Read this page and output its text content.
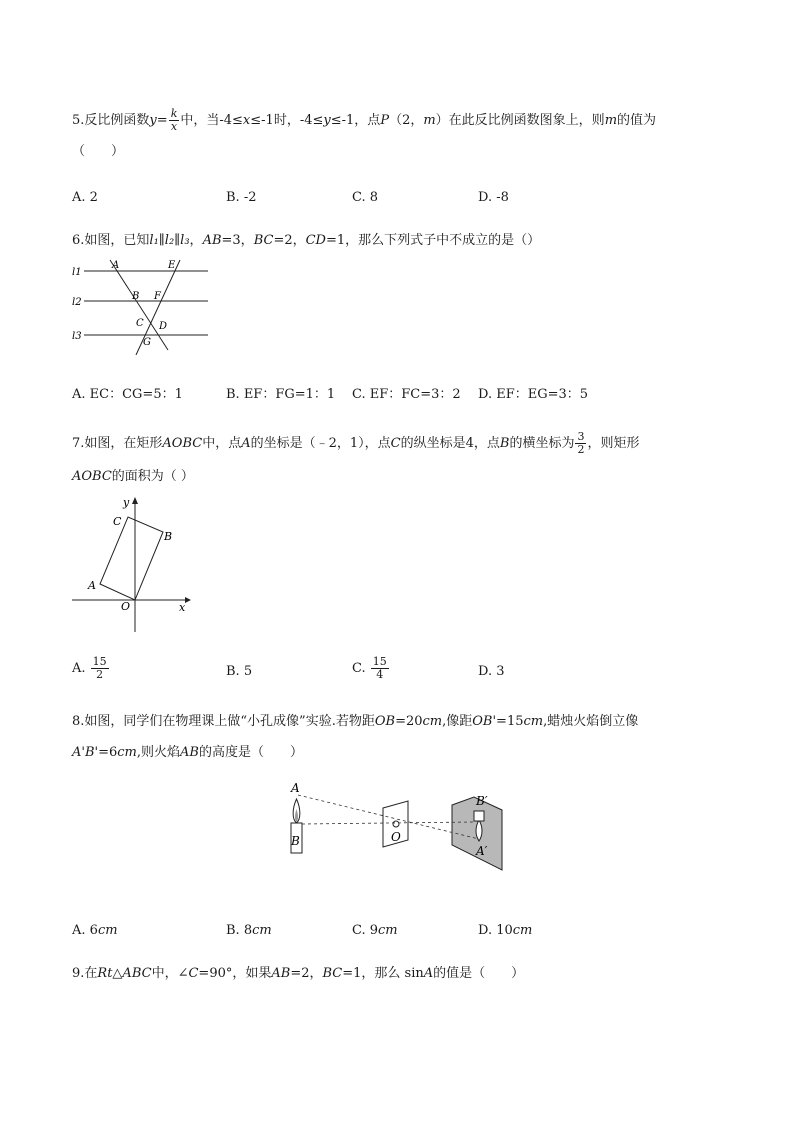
5.反比例函数$y= \frac{k}{x}$ 中，当-4≤x≤-1时，-4≤y≤-1，点P（2，m）在此反比例函数图象上，则m的值为
（　　）
A. 2	B. -2	C. 8	D. -8
6.如图，已知l₁∥l₂∥l₃，AB=3，BC=2，CD=1，那么下列式子中不成立的是（）
l1
l2
l3
A	E
B F
C D
G
A. EC：CG=5：1	B. EF：FG=1：1 C. EF：FC=3：2 D. EF：EG=3：5
7.如图，在矩形AOBC中，点A的坐标是（﹣2，1），点C的纵坐标是4，点B的横坐标为 $\frac{3}{2}$ ，则矩形
AOBC的面积为（ ）
y
C
B
A
O	x
A. $\frac{15}{2}$	B. 5	C. $\frac{15}{4}$	D. 3
8.如图，同学们在物理课上做“小孔成像”实验.若物距OB=20cm,像距OB'=15cm,蜡烛火焰倒立像
A'B'=6cm,则火焰AB的高度是（　　）
A
B	O
B′
A′
A. 6cm	B. 8cm	C. 9cm	D. 10cm
9.在Rt△ABC中，∠C=90°，如果AB=2，BC=1，那么 sinA的值是（　　）
